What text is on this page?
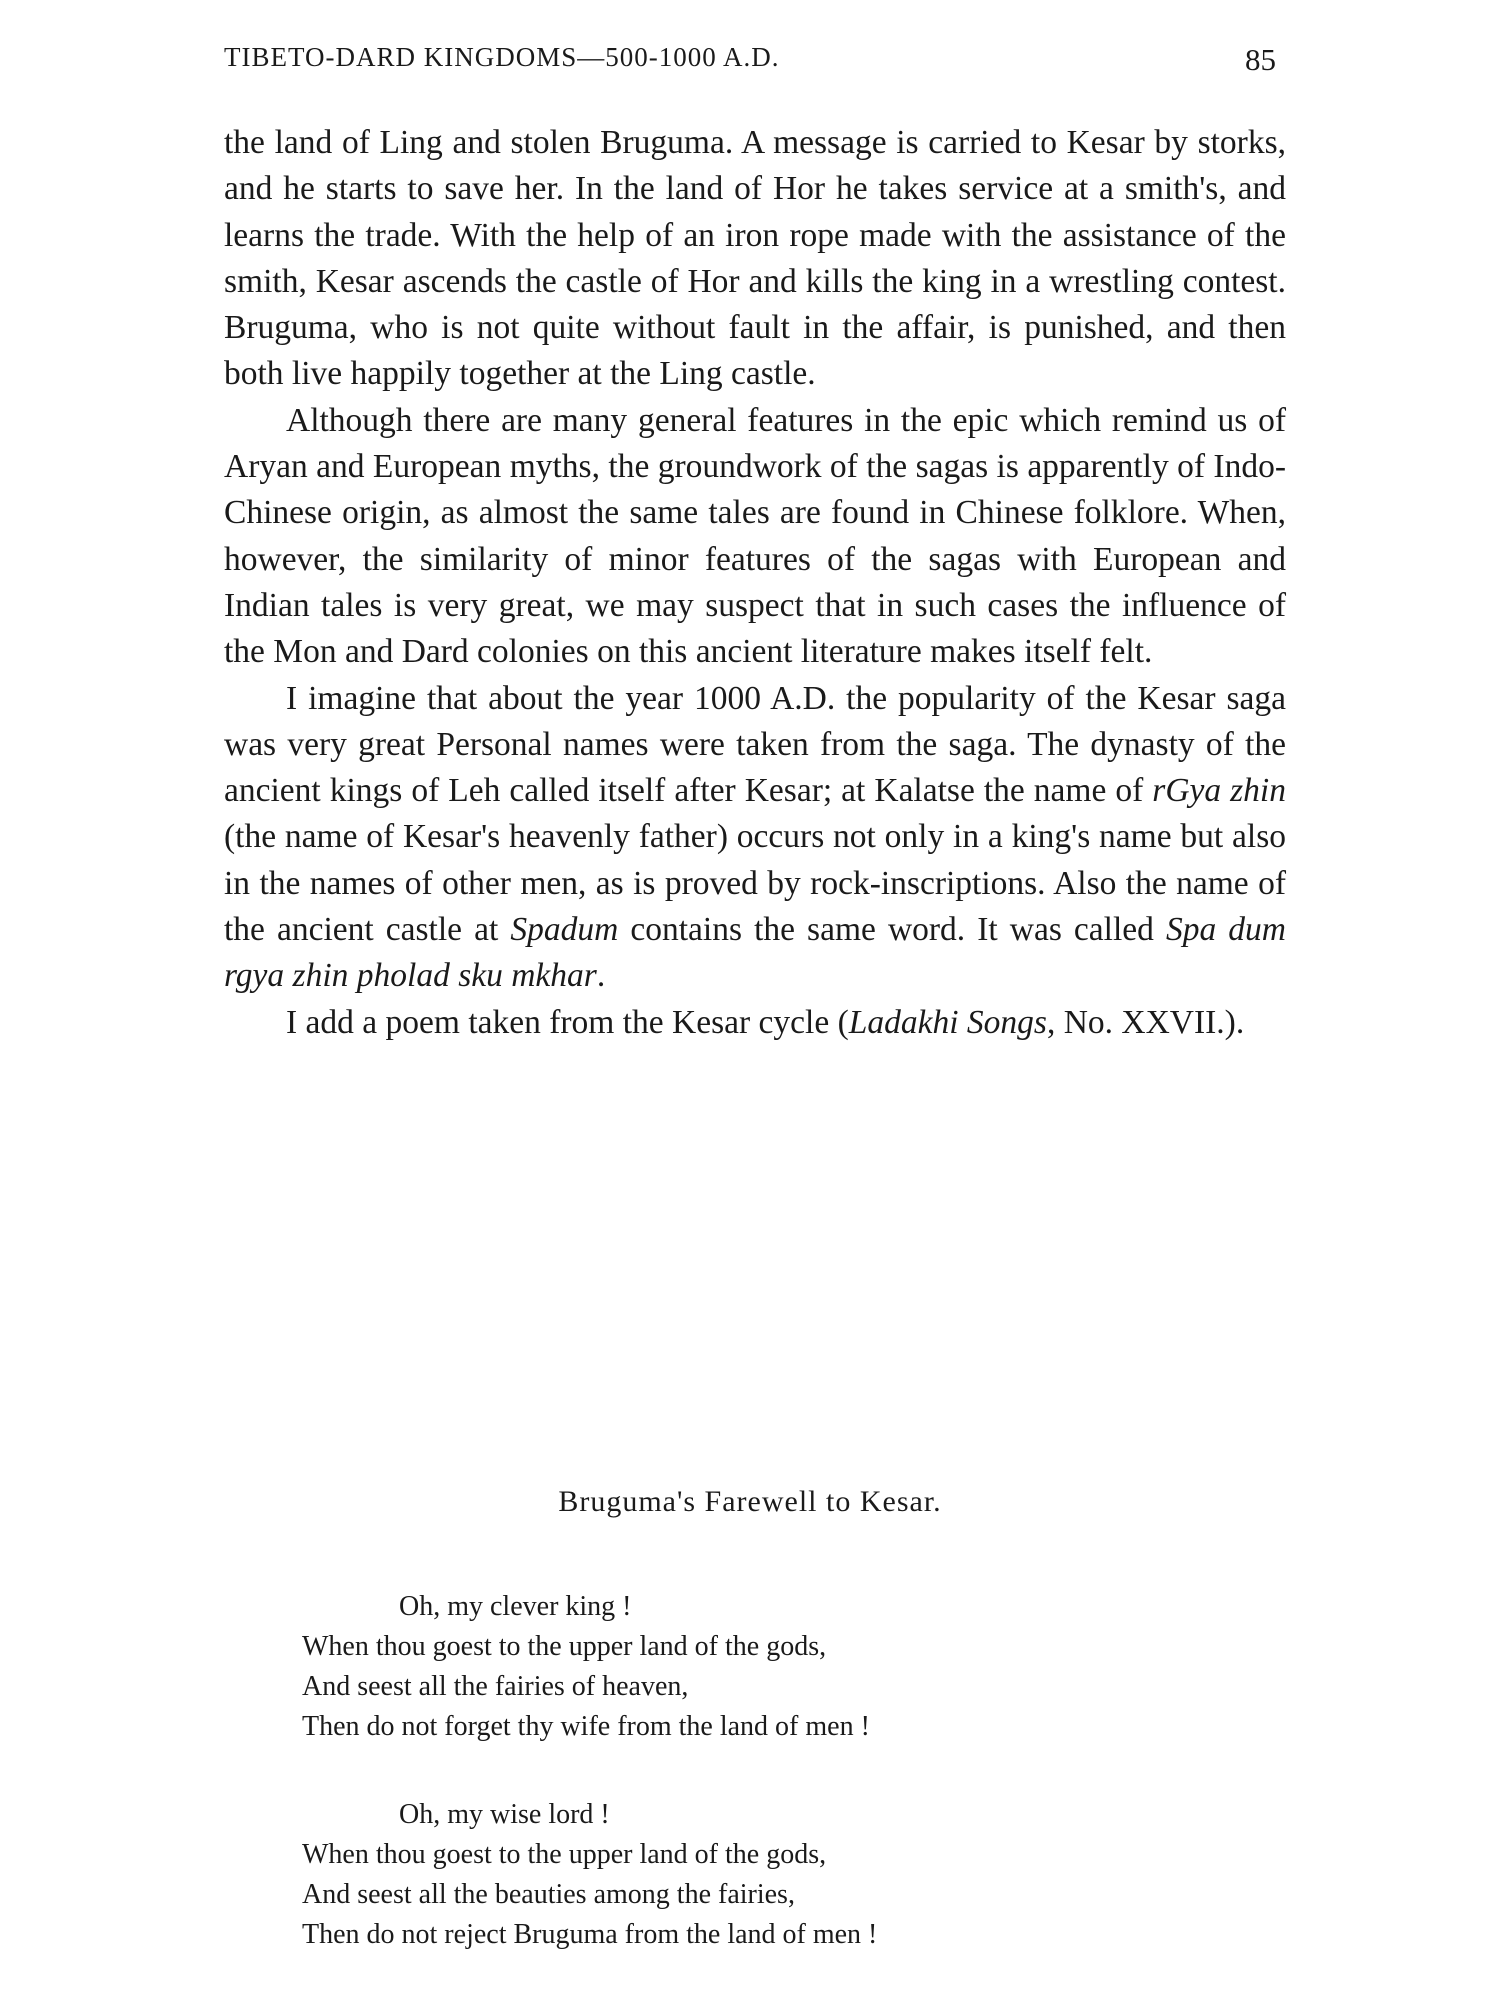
TIBETO-DARD KINGDOMS—500-1000 A.D.	85

the land of Ling and stolen Bruguma. A message is carried to Kesar by storks, and he starts to save her. In the land of Hor he takes service at a smith's, and learns the trade. With the help of an iron rope made with the assistance of the smith, Kesar ascends the castle of Hor and kills the king in a wrestling contest. Bruguma, who is not quite without fault in the affair, is punished, and then both live happily together at the Ling castle.

Although there are many general features in the epic which remind us of Aryan and European myths, the groundwork of the sagas is apparently of Indo-Chinese origin, as almost the same tales are found in Chinese folklore. When, however, the similarity of minor features of the sagas with European and Indian tales is very great, we may suspect that in such cases the influence of the Mon and Dard colonies on this ancient literature makes itself felt.

I imagine that about the year 1000 A.D. the popularity of the Kesar saga was very great Personal names were taken from the saga. The dynasty of the ancient kings of Leh called itself after Kesar; at Kalatse the name of rGya zhin (the name of Kesar's heavenly father) occurs not only in a king's name but also in the names of other men, as is proved by rock-inscriptions. Also the name of the ancient castle at Spadum contains the same word. It was called Spa dum rgya zhin pholad sku mkhar.

I add a poem taken from the Kesar cycle (Ladakhi Songs, No. XXVII.).

Bruguma's Farewell to Kesar.
Oh, my clever king !
When thou goest to the upper land of the gods,
And seest all the fairies of heaven,
Then do not forget thy wife from the land of men !
Oh, my wise lord !
When thou goest to the upper land of the gods,
And seest all the beauties among the fairies,
Then do not reject Bruguma from the land of men !
